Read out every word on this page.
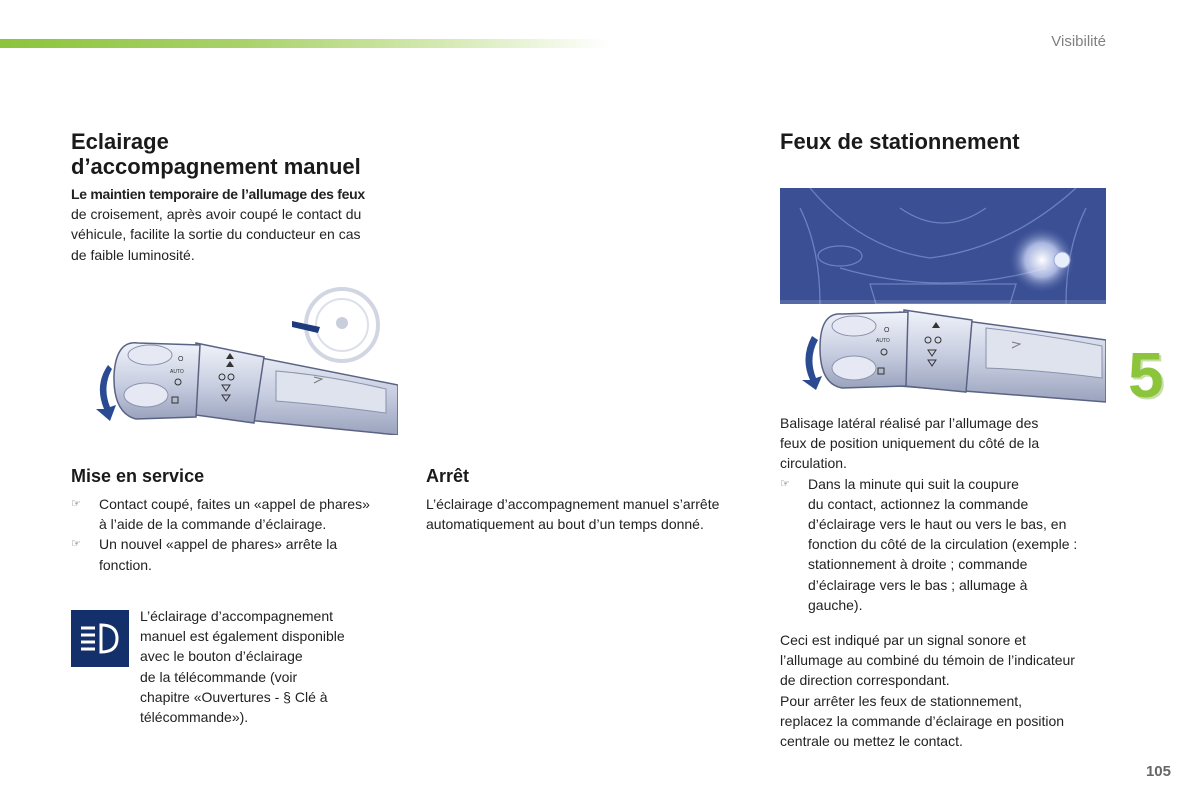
Visibilité
Eclairage
d’accompagnement manuel
Le maintien temporaire de l’allumage des feux
de croisement, après avoir coupé le contact du
véhicule, facilite la sortie du conducteur en cas
de faible luminosité.
O
AUTO
Mise en service
☞ Contact coupé, faites un «appel de phares»
à l’aide de la commande d’éclairage.
☞ Un nouvel «appel de phares» arrête la
fonction.
L’éclairage d’accompagnement
manuel est également disponible
avec le bouton d’éclairage
de la télécommande (voir
chapitre «Ouvertures - § Clé à
télécommande»).
Arrêt
L’éclairage d’accompagnement manuel s’arrête
automatiquement au bout d’un temps donné.
Feux de stationnement
O
AUTO
Balisage latéral réalisé par l’allumage des
feux de position uniquement du côté de la
circulation.
☞ Dans la minute qui suit la coupure
du contact, actionnez la commande
d’éclairage vers le haut ou vers le bas, en
fonction du côté de la circulation (exemple :
stationnement à droite ; commande
d’éclairage vers le bas ; allumage à
gauche).
Ceci est indiqué par un signal sonore et
l’allumage au combiné du témoin de l’indicateur
de direction correspondant.
Pour arrêter les feux de stationnement,
replacez la commande d’éclairage en position
centrale ou mettez le contact.
5
105
